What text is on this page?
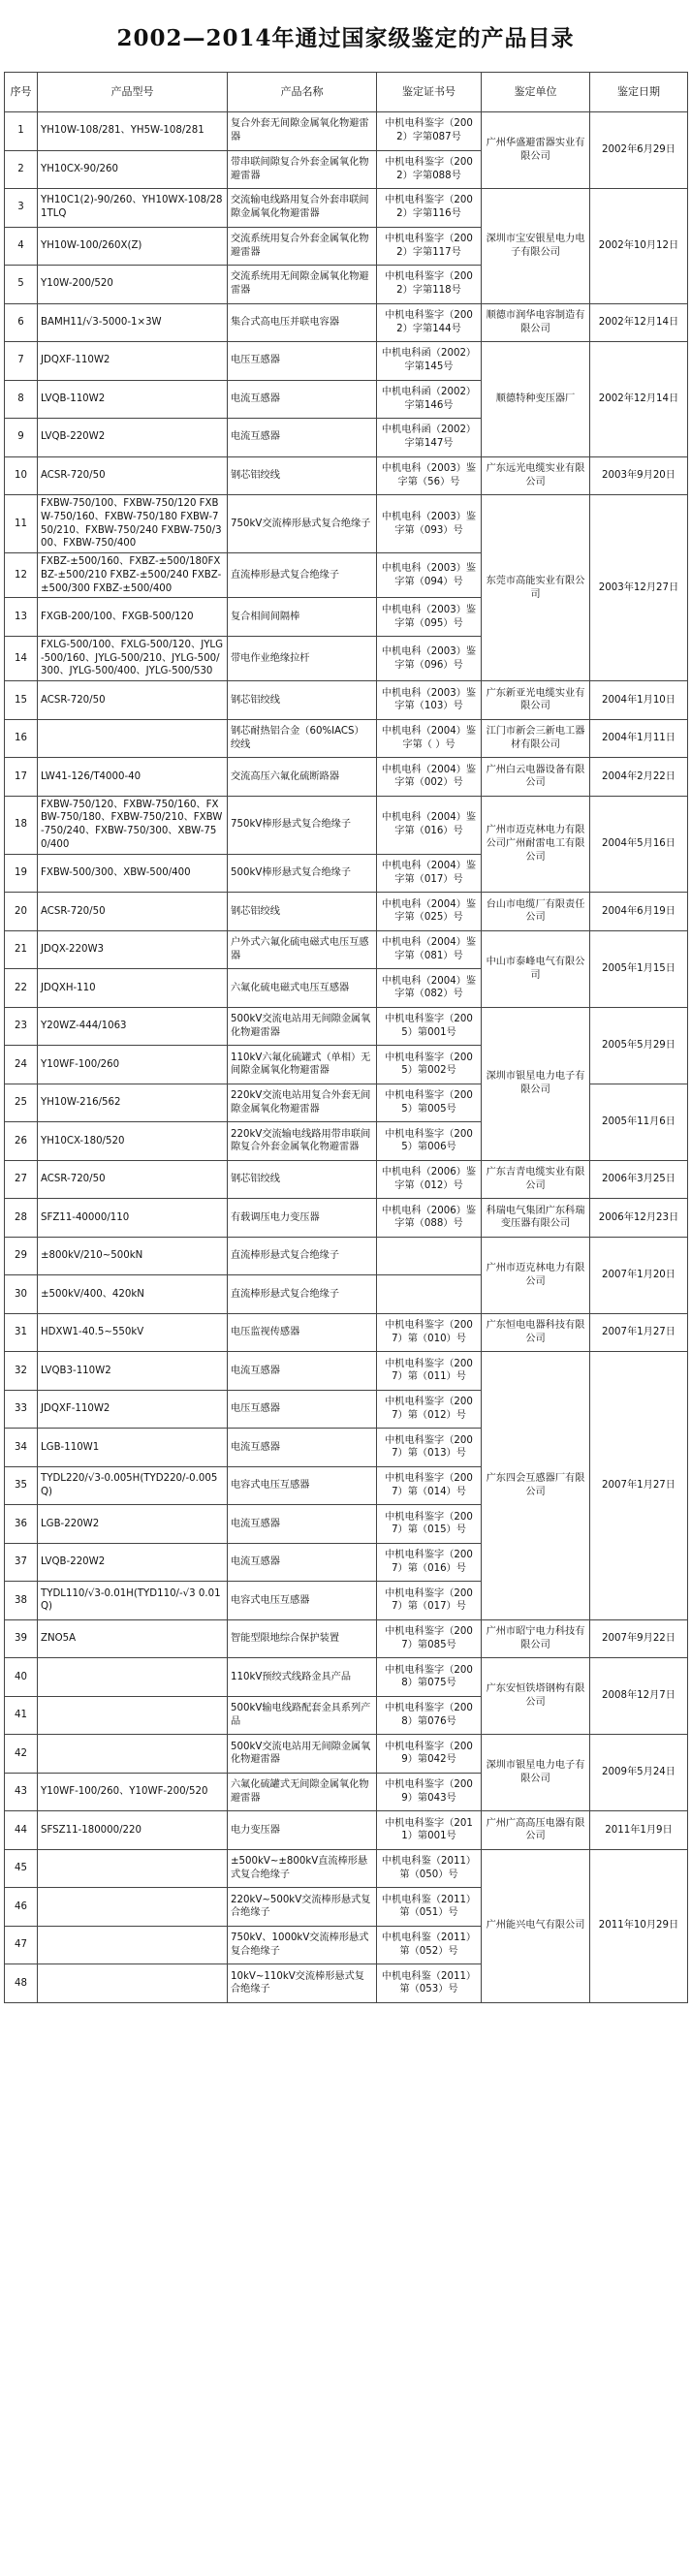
2002—2014年通过国家级鉴定的产品目录
序号	产品型号	产品名称	鉴定证书号	鉴定单位	鉴定日期
1	YH10W-108/281、YH5W-108/281	复合外套无间隙金属氧化物避雷器	中机电科鉴字（2002）字第087号	广州华盛避雷器实业有限公司	2002年6月29日
2	YH10CX-90/260	带串联间隙复合外套金属氧化物避雷器	中机电科鉴字（2002）字第088号		
3	YH10C1(2)-90/260、YH10WX-108/281TLQ	交流输电线路用复合外套串联间隙金属氧化物避雷器	中机电科鉴字（2002）字第116号	深圳市宝安银星电力电子有限公司	2002年10月12日
4	YH10W-100/260X(Z)	交流系统用复合外套金属氧化物避雷器	中机电科鉴字（2002）字第117号		
5	Y10W-200/520	交流系统用无间隙金属氧化物避雷器	中机电科鉴字（2002）字第118号		
6	BAMH11/√3-5000-1×3W	集合式高电压并联电容器	中机电科鉴字（2002）字第144号	顺德市润华电容制造有限公司	2002年12月14日
7	JDQXF-110W2	电压互感器	中机电科函（2002）字第145号	顺德特种变压器厂	2002年12月14日
8	LVQB-110W2	电流互感器	中机电科函（2002）字第146号		
9	LVQB-220W2	电流互感器	中机电科函（2002）字第147号		
10	ACSR-720/50	钢芯铝绞线	中机电科（2003）鉴字第（56）号	广东远光电缆实业有限公司	2003年9月20日
11	FXBW-750/100、FXBW-750/120 FXBW-750/160、FXBW-750/180 FXBW-750/210、FXBW-750/240 FXBW-750/300、FXBW-750/400	750kV交流棒形悬式复合绝缘子	中机电科（2003）鉴字第（093）号	东莞市高能实业有限公司	2003年12月27日
12	FXBZ-±500/160、FXBZ-±500/180FXBZ-±500/210 FXBZ-±500/240 FXBZ-±500/300 FXBZ-±500/400	直流棒形悬式复合绝缘子	中机电科（2003）鉴字第（094）号		
13	FXGB-200/100、FXGB-500/120	复合相间间隔棒	中机电科（2003）鉴字第（095）号		
14	FXLG-500/100、FXLG-500/120、JYLG-500/160、JYLG-500/210、JYLG-500/300、JYLG-500/400、JYLG-500/530	带电作业绝缘拉杆	中机电科（2003）鉴字第（096）号		
15	ACSR-720/50	钢芯铝绞线	中机电科（2003）鉴字第（103）号	广东新亚光电缆实业有限公司	2004年1月10日
16		钢芯耐热铝合金（60%IACS）绞线	中机电科（2004）鉴字第（ ）号	江门市新会三新电工器材有限公司	2004年1月11日
17	LW41-126/T4000-40	交流高压六氟化硫断路器	中机电科（2004）鉴字第（002）号	广州白云电器设备有限公司	2004年2月22日
18	FXBW-750/120、FXBW-750/160、FXBW-750/180、FXBW-750/210、FXBW-750/240、FXBW-750/300、XBW-750/400	750kV棒形悬式复合绝缘子	中机电科（2004）鉴字第（016）号	广州市迈克林电力有限公司广州耐雷电工有限公司	2004年5月16日
19	FXBW-500/300、XBW-500/400	500kV棒形悬式复合绝缘子	中机电科（2004）鉴字第（017）号		
20	ACSR-720/50	钢芯铝绞线	中机电科（2004）鉴字第（025）号	台山市电缆厂有限责任公司	2004年6月19日
21	JDQX-220W3	户外式六氟化硫电磁式电压互感器	中机电科（2004）鉴字第（081）号	中山市泰峰电气有限公司	2005年1月15日
22	JDQXH-110	六氟化硫电磁式电压互感器	中机电科（2004）鉴字第（082）号		
23	Y20WZ-444/1063	500kV交流电站用无间隙金属氧化物避雷器	中机电科鉴字（2005）第001号	深圳市银星电力电子有限公司	2005年5月29日
24	Y10WF-100/260	110kV六氟化硫罐式（单相）无间隙金属氧化物避雷器	中机电科鉴字（2005）第002号		
25	YH10W-216/562	220kV交流电站用复合外套无间隙金属氧化物避雷器	中机电科鉴字（2005）第005号		2005年11月6日
26	YH10CX-180/520	220kV交流输电线路用带串联间隙复合外套金属氧化物避雷器	中机电科鉴字（2005）第006号		
27	ACSR-720/50	钢芯铝绞线	中机电科（2006）鉴字第（012）号	广东吉青电缆实业有限公司	2006年3月25日
28	SFZ11-40000/110	有载调压电力变压器	中机电科（2006）鉴字第（088）号	科瑞电气集团广东科瑞变压器有限公司	2006年12月23日
29	±800kV/210~500kN	直流棒形悬式复合绝缘子		广州市迈克林电力有限公司	2007年1月20日
30	±500kV/400、420kN	直流棒形悬式复合绝缘子			
31	HDXW1-40.5~550kV	电压监视传感器	中机电科鉴字（2007）第（010）号	广东恒电电器科技有限公司	2007年1月27日
32	LVQB3-110W2	电流互感器	中机电科鉴字（2007）第（011）号	广东四会互感器厂有限公司	2007年1月27日
33	JDQXF-110W2	电压互感器	中机电科鉴字（2007）第（012）号		
34	LGB-110W1	电流互感器	中机电科鉴字（2007）第（013）号		
35	TYDL220/√3-0.005H(TYD220/-0.005Q)	电容式电压互感器	中机电科鉴字（2007）第（014）号		
36	LGB-220W2	电流互感器	中机电科鉴字（2007）第（015）号		
37	LVQB-220W2	电流互感器	中机电科鉴字（2007）第（016）号		
38	TYDL110/√3-0.01H(TYD110/-√3 0.01Q)	电容式电压互感器	中机电科鉴字（2007）第（017）号		
39	ZNO5A	智能型限地综合保护装置	中机电科鉴字（2007）第085号	广州市昭宁电力科技有限公司	2007年9月22日
40		110kV预绞式线路金具产品	中机电科鉴字（2008）第075号	广东安恒铁塔钢构有限公司	2008年12月7日
41		500kV输电线路配套金具系列产品	中机电科鉴字（2008）第076号		
42		500kV交流电站用无间隙金属氧化物避雷器	中机电科鉴字（2009）第042号	深圳市银星电力电子有限公司	2009年5月24日
43	Y10WF-100/260、Y10WF-200/520	六氟化硫罐式无间隙金属氧化物避雷器	中机电科鉴字（2009）第043号		
44	SFSZ11-180000/220	电力变压器	中机电科鉴字（2011）第001号	广州广高高压电器有限公司	2011年1月9日
45		±500kV~±800kV直流棒形悬式复合绝缘子	中机电科鉴（2011）第（050）号	广州能兴电气有限公司	2011年10月29日
46		220kV~500kV交流棒形悬式复合绝缘子	中机电科鉴（2011）第（051）号		
47		750kV、1000kV交流棒形悬式复合绝缘子	中机电科鉴（2011）第（052）号		
48		10kV~110kV交流棒形悬式复合绝缘子	中机电科鉴（2011）第（053）号		
